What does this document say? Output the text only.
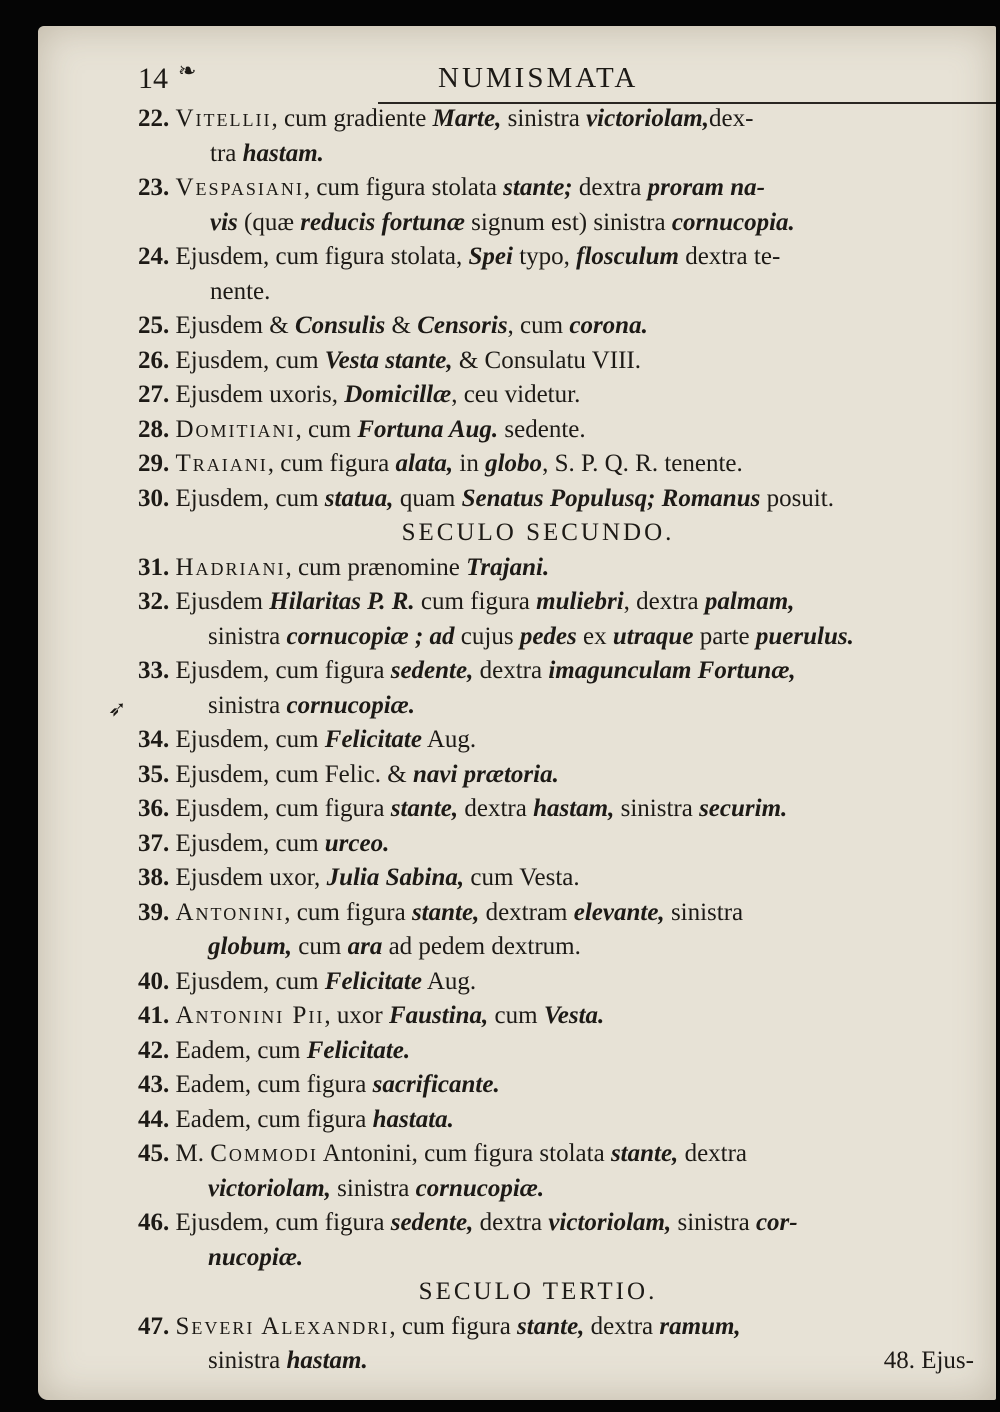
14 ❧	NUMISMATA
➶
22. Vitellii, cum gradiente Marte, sinistra victoriolam,dex-
tra hastam.
23. Vespasiani, cum figura stolata stante; dextra proram na-
vis (quæ reducis fortunæ signum est) sinistra cornucopia.
24. Ejusdem, cum figura stolata, Spei typo, flosculum dextra te-
nente.
25. Ejusdem & Consulis & Censoris, cum corona.
26. Ejusdem, cum Vesta stante, & Consulatu VIII.
27. Ejusdem uxoris, Domicillæ, ceu videtur.
28. Domitiani, cum Fortuna Aug. sedente.
29. Traiani, cum figura alata, in globo, S. P. Q. R. tenente.
30. Ejusdem, cum statua, quam Senatus Populusq; Romanus posuit.
SECULO SECUNDO.
31. Hadriani, cum prænomine Trajani.
32. Ejusdem Hilaritas P. R. cum figura muliebri, dextra palmam,
sinistra cornucopiæ ; ad cujus pedes ex utraque parte puerulus.
33. Ejusdem, cum figura sedente, dextra imagunculam Fortunæ,
sinistra cornucopiæ.
34. Ejusdem, cum Felicitate Aug.
35. Ejusdem, cum Felic. & navi prætoria.
36. Ejusdem, cum figura stante, dextra hastam, sinistra securim.
37. Ejusdem, cum urceo.
38. Ejusdem uxor, Julia Sabina, cum Vesta.
39. Antonini, cum figura stante, dextram elevante, sinistra
globum, cum ara ad pedem dextrum.
40. Ejusdem, cum Felicitate Aug.
41. Antonini Pii, uxor Faustina, cum Vesta.
42. Eadem, cum Felicitate.
43. Eadem, cum figura sacrificante.
44. Eadem, cum figura hastata.
45. M. Commodi Antonini, cum figura stolata stante, dextra
victoriolam, sinistra cornucopiæ.
46. Ejusdem, cum figura sedente, dextra victoriolam, sinistra cor-
nucopiæ.
SECULO TERTIO.
47. Severi Alexandri, cum figura stante, dextra ramum,
sinistra hastam.	48. Ejus-
